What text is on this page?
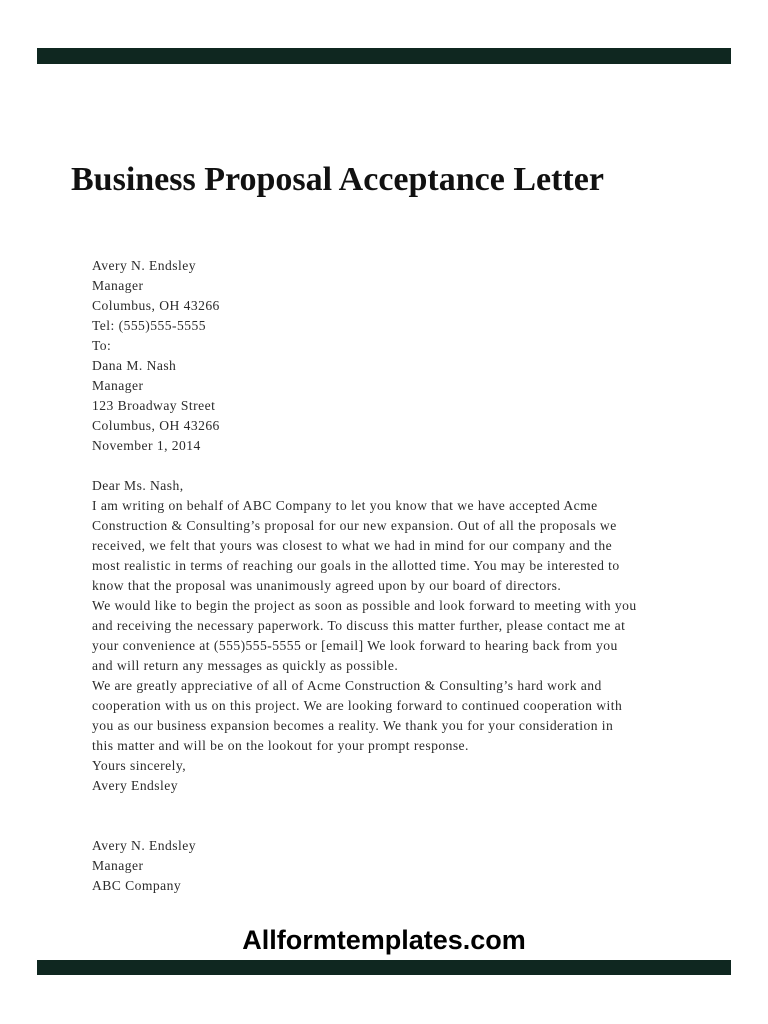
Business Proposal Acceptance Letter
Avery N. Endsley
Manager
Columbus, OH 43266
Tel: (555)555-5555
To:
Dana M. Nash
Manager
123 Broadway Street
Columbus, OH 43266
November 1, 2014
Dear Ms. Nash,
I am writing on behalf of ABC Company to let you know that we have accepted Acme
Construction & Consulting’s proposal for our new expansion. Out of all the proposals we
received, we felt that yours was closest to what we had in mind for our company and the
most realistic in terms of reaching our goals in the allotted time. You may be interested to
know that the proposal was unanimously agreed upon by our board of directors.
We would like to begin the project as soon as possible and look forward to meeting with you
and receiving the necessary paperwork. To discuss this matter further, please contact me at
your convenience at (555)555-5555 or [email] We look forward to hearing back from you
and will return any messages as quickly as possible.
We are greatly appreciative of all of Acme Construction & Consulting’s hard work and
cooperation with us on this project. We are looking forward to continued cooperation with
you as our business expansion becomes a reality. We thank you for your consideration in
this matter and will be on the lookout for your prompt response.
Yours sincerely,
Avery Endsley
Avery N. Endsley
Manager
ABC Company
Allformtemplates.com
